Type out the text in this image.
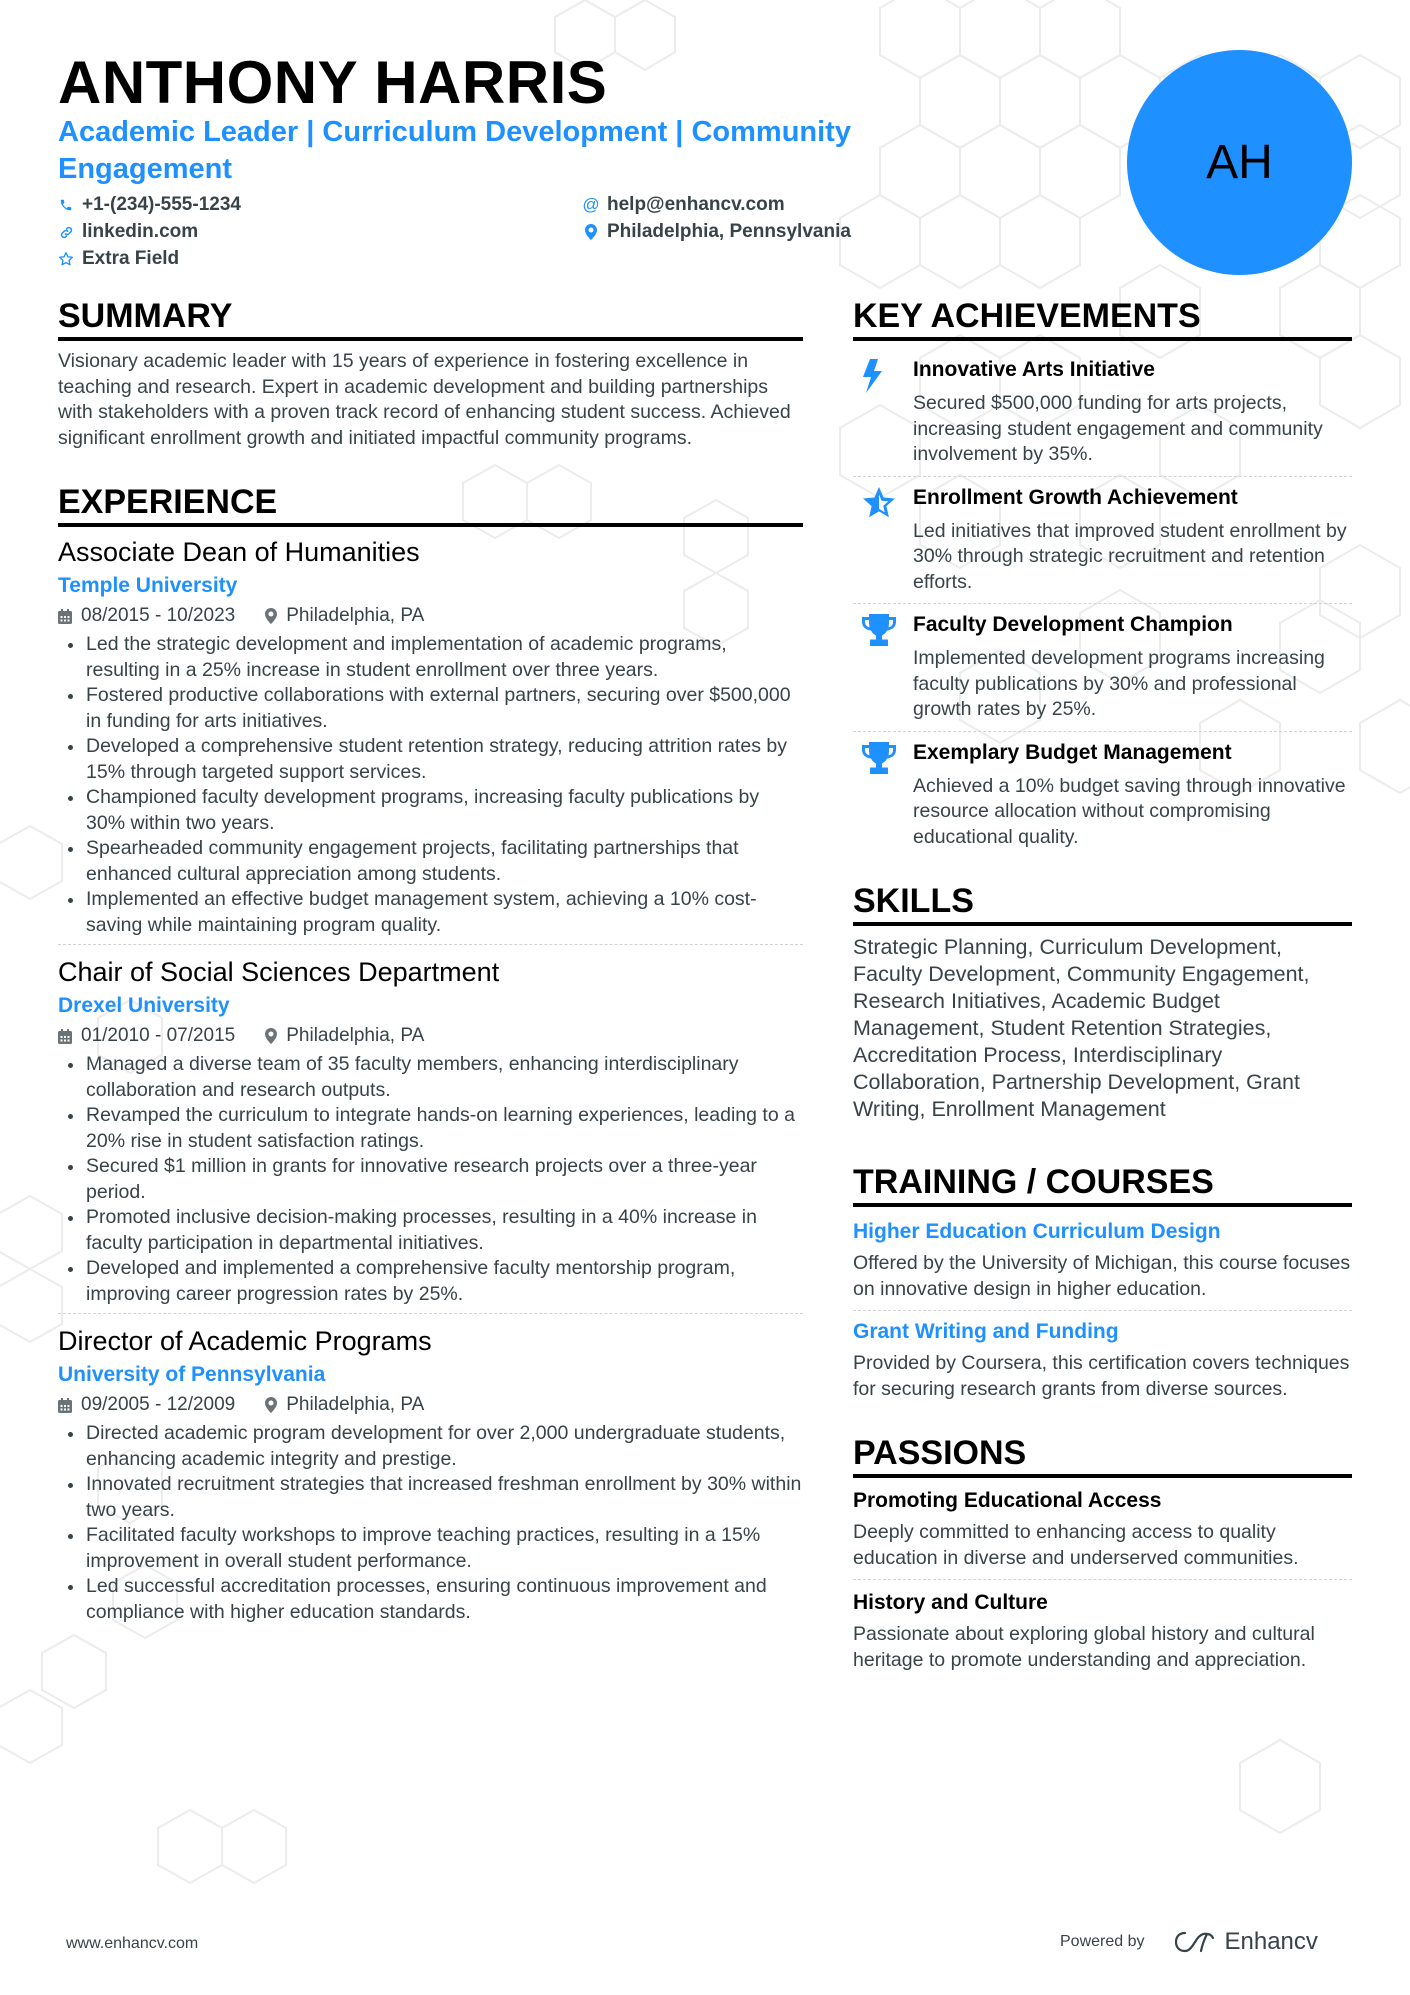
ANTHONY HARRIS
Academic Leader | Curriculum Development | Community Engagement
+1-(234)-555-1234	@ help@enhancv.com
linkedin.com	Philadelphia, Pennsylvania
Extra Field
AH
SUMMARY

Visionary academic leader with 15 years of experience in fostering excellence in teaching and research. Expert in academic development and building partnerships with stakeholders with a proven track record of enhancing student success. Achieved significant enrollment growth and initiated impactful community programs.

EXPERIENCE
Associate Dean of Humanities
Temple University
08/2015 - 10/2023	Philadelphia, PA
Led the strategic development and implementation of academic programs, resulting in a 25% increase in student enrollment over three years.
Fostered productive collaborations with external partners, securing over $500,000 in funding for arts initiatives.
Developed a comprehensive student retention strategy, reducing attrition rates by 15% through targeted support services.
Championed faculty development programs, increasing faculty publications by 30% within two years.
Spearheaded community engagement projects, facilitating partnerships that enhanced cultural appreciation among students.
Implemented an effective budget management system, achieving a 10% cost-saving while maintaining program quality.
Chair of Social Sciences Department
Drexel University
01/2010 - 07/2015	Philadelphia, PA
Managed a diverse team of 35 faculty members, enhancing interdisciplinary collaboration and research outputs.
Revamped the curriculum to integrate hands-on learning experiences, leading to a 20% rise in student satisfaction ratings.
Secured $1 million in grants for innovative research projects over a three-year period.
Promoted inclusive decision-making processes, resulting in a 40% increase in faculty participation in departmental initiatives.
Developed and implemented a comprehensive faculty mentorship program, improving career progression rates by 25%.
Director of Academic Programs
University of Pennsylvania
09/2005 - 12/2009	Philadelphia, PA
Directed academic program development for over 2,000 undergraduate students, enhancing academic integrity and prestige.
Innovated recruitment strategies that increased freshman enrollment by 30% within two years.
Facilitated faculty workshops to improve teaching practices, resulting in a 15% improvement in overall student performance.
Led successful accreditation processes, ensuring continuous improvement and compliance with higher education standards.
KEY ACHIEVEMENTS
Innovative Arts Initiative
Secured $500,000 funding for arts projects, increasing student engagement and community involvement by 35%.
Enrollment Growth Achievement
Led initiatives that improved student enrollment by 30% through strategic recruitment and retention efforts.
Faculty Development Champion
Implemented development programs increasing faculty publications by 30% and professional growth rates by 25%.
Exemplary Budget Management
Achieved a 10% budget saving through innovative resource allocation without compromising educational quality.
SKILLS

Strategic Planning, Curriculum Development, Faculty Development, Community Engagement, Research Initiatives, Academic Budget Management, Student Retention Strategies, Accreditation Process, Interdisciplinary Collaboration, Partnership Development, Grant Writing, Enrollment Management

TRAINING / COURSES
Higher Education Curriculum Design
Offered by the University of Michigan, this course focuses on innovative design in higher education.
Grant Writing and Funding
Provided by Coursera, this certification covers techniques for securing research grants from diverse sources.
PASSIONS
Promoting Educational Access
Deeply committed to enhancing access to quality education in diverse and underserved communities.
History and Culture
Passionate about exploring global history and cultural heritage to promote understanding and appreciation.
www.enhancv.com	Powered by	Enhancv
